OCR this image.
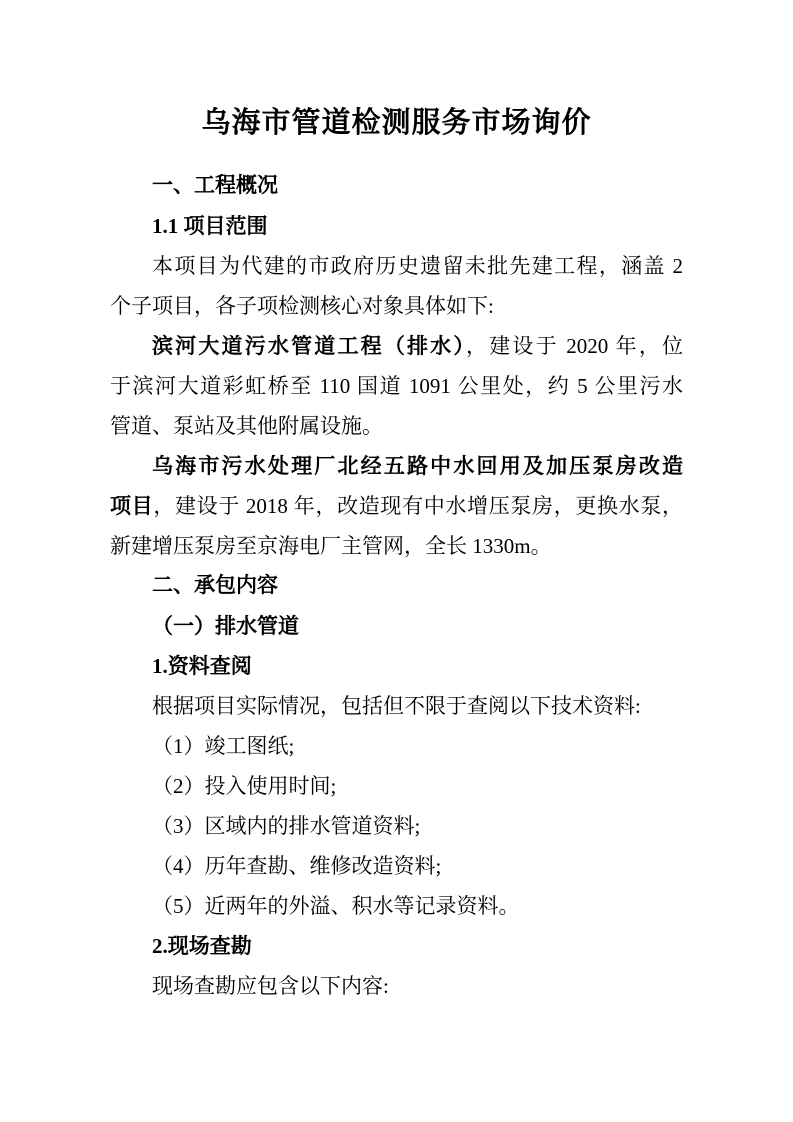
乌海市管道检测服务市场询价
一、工程概况
1.1 项目范围
本项目为代建的市政府历史遗留未批先建工程，涵盖 2
个子项目，各子项检测核心对象具体如下:
滨河大道污水管道工程（排水），建设于 2020 年，位
于滨河大道彩虹桥至 110 国道 1091 公里处，约 5 公里污水
管道、泵站及其他附属设施。
乌海市污水处理厂北经五路中水回用及加压泵房改造
项目，建设于 2018 年，改造现有中水增压泵房，更换水泵，
新建增压泵房至京海电厂主管网，全长 1330m。
二、承包内容
（一）排水管道
1.资料查阅
根据项目实际情况，包括但不限于查阅以下技术资料:
（1）竣工图纸;
（2）投入使用时间;
（3）区域内的排水管道资料;
（4）历年查勘、维修改造资料;
（5）近两年的外溢、积水等记录资料。
2.现场查勘
现场查勘应包含以下内容:
